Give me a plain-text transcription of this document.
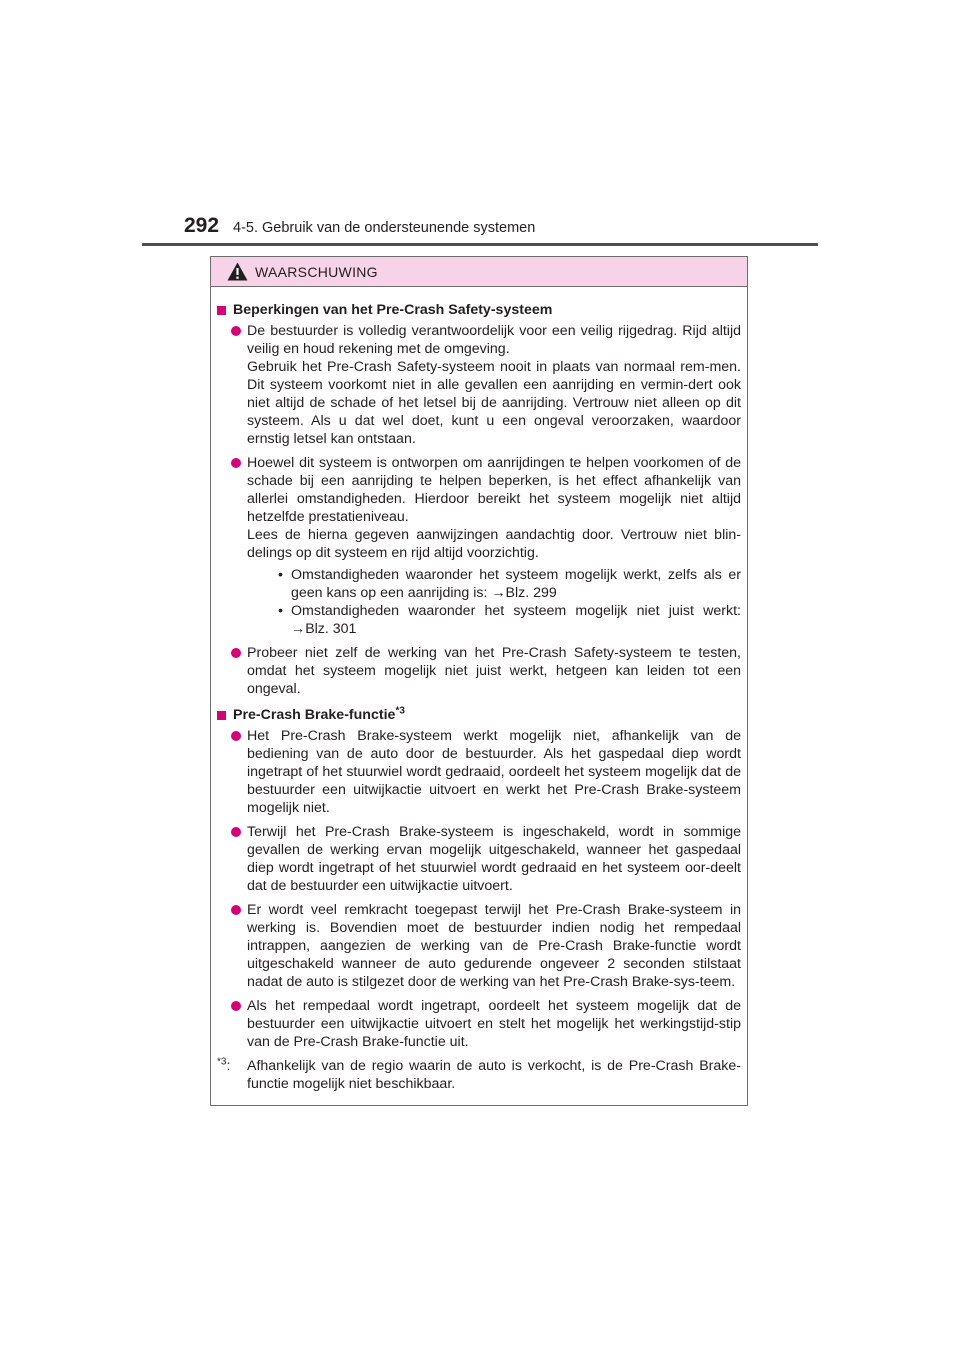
292 4-5. Gebruik van de ondersteunende systemen
WAARSCHUWING
Beperkingen van het Pre-Crash Safety-systeem

De bestuurder is volledig verantwoordelijk voor een veilig rijgedrag. Rijd altijd veilig en houd rekening met de omgeving.

Gebruik het Pre-Crash Safety-systeem nooit in plaats van normaal rem-men. Dit systeem voorkomt niet in alle gevallen een aanrijding en vermin-dert ook niet altijd de schade of het letsel bij de aanrijding. Vertrouw niet alleen op dit systeem. Als u dat wel doet, kunt u een ongeval veroorzaken, waardoor ernstig letsel kan ontstaan.

Hoewel dit systeem is ontworpen om aanrijdingen te helpen voorkomen of de schade bij een aanrijding te helpen beperken, is het effect afhankelijk van allerlei omstandigheden. Hierdoor bereikt het systeem mogelijk niet altijd hetzelfde prestatieniveau.

Lees de hierna gegeven aanwijzingen aandachtig door. Vertrouw niet blin-delings op dit systeem en rijd altijd voorzichtig.

• Omstandigheden waaronder het systeem mogelijk werkt, zelfs als er geen kans op een aanrijding is: →Blz. 299
• Omstandigheden waaronder het systeem mogelijk niet juist werkt: →Blz. 301

Probeer niet zelf de werking van het Pre-Crash Safety-systeem te testen, omdat het systeem mogelijk niet juist werkt, hetgeen kan leiden tot een ongeval.

Pre-Crash Brake-functie$^{*3}$

Het Pre-Crash Brake-systeem werkt mogelijk niet, afhankelijk van de bediening van de auto door de bestuurder. Als het gaspedaal diep wordt ingetrapt of het stuurwiel wordt gedraaid, oordeelt het systeem mogelijk dat de bestuurder een uitwijkactie uitvoert en werkt het Pre-Crash Brake-systeem mogelijk niet.

Terwijl het Pre-Crash Brake-systeem is ingeschakeld, wordt in sommige gevallen de werking ervan mogelijk uitgeschakeld, wanneer het gaspedaal diep wordt ingetrapt of het stuurwiel wordt gedraaid en het systeem oor-deelt dat de bestuurder een uitwijkactie uitvoert.

Er wordt veel remkracht toegepast terwijl het Pre-Crash Brake-systeem in werking is. Bovendien moet de bestuurder indien nodig het rempedaal intrappen, aangezien de werking van de Pre-Crash Brake-functie wordt uitgeschakeld wanneer de auto gedurende ongeveer 2 seconden stilstaat nadat de auto is stilgezet door de werking van het Pre-Crash Brake-sys-teem.

Als het rempedaal wordt ingetrapt, oordeelt het systeem mogelijk dat de bestuurder een uitwijkactie uitvoert en stelt het mogelijk het werkingstijd-stip van de Pre-Crash Brake-functie uit.

$^{*3}$: Afhankelijk van de regio waarin de auto is verkocht, is de Pre-Crash Brake-functie mogelijk niet beschikbaar.
